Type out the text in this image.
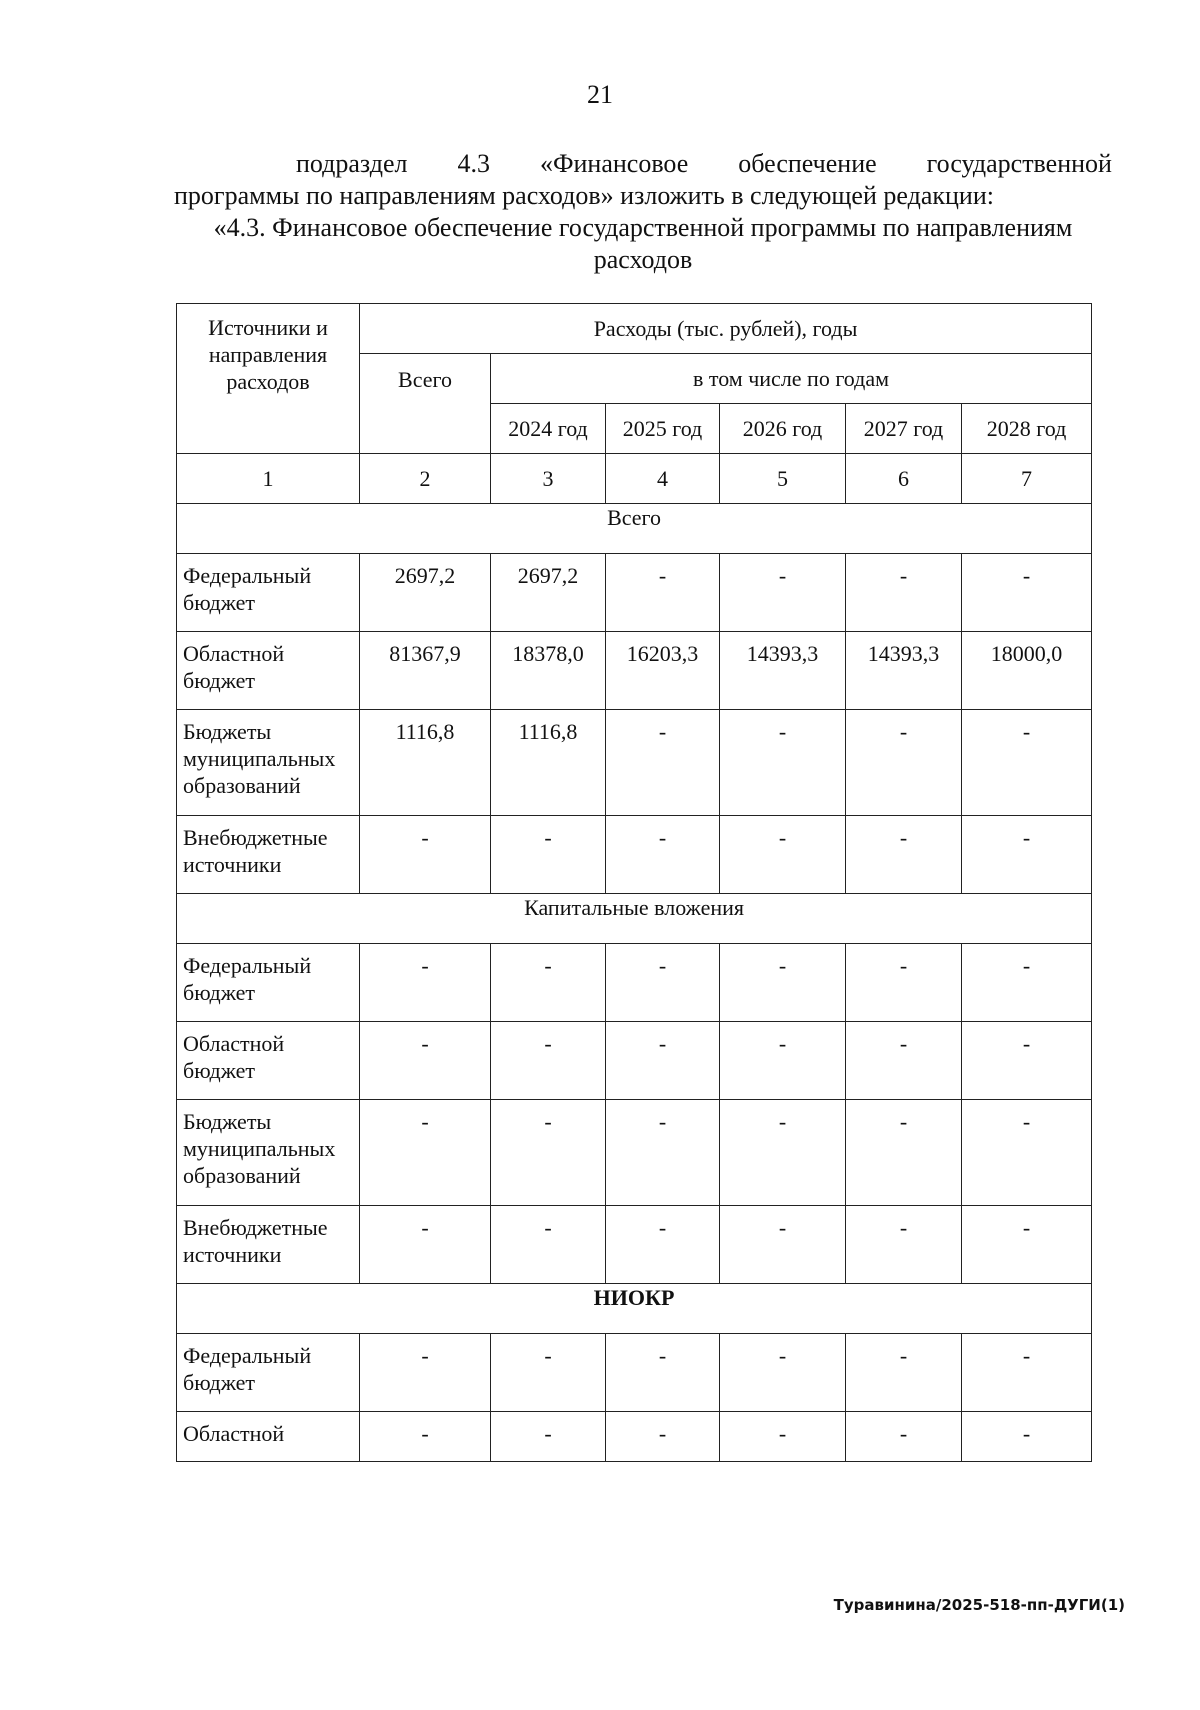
21
подраздел 4.3 «Финансовое обеспечение государственной
программы по направлениям расходов» изложить в следующей редакции:
«4.3. Финансовое обеспечение государственной программы по направлениям
расходов
Источники и направления расходов	Расходы (тыс. рублей), годы					
	Всего	в том числе по годам				
		2024 год	2025 год	2026 год	2027 год	2028 год
1	2	3	4	5	6	7
Всего						
Федеральный бюджет	2697,2	2697,2	-	-	-	-
Областной бюджет	81367,9	18378,0	16203,3	14393,3	14393,3	18000,0
Бюджеты муниципальных образований	1116,8	1116,8	-	-	-	-
Внебюджетные источники	-	-	-	-	-	-
Капитальные вложения						
Федеральный бюджет	-	-	-	-	-	-
Областной бюджет	-	-	-	-	-	-
Бюджеты муниципальных образований	-	-	-	-	-	-
Внебюджетные источники	-	-	-	-	-	-
НИОКР						
Федеральный бюджет	-	-	-	-	-	-
Областной	-	-	-	-	-	-
Туравинина/2025-518-пп-ДУГИ(1)
